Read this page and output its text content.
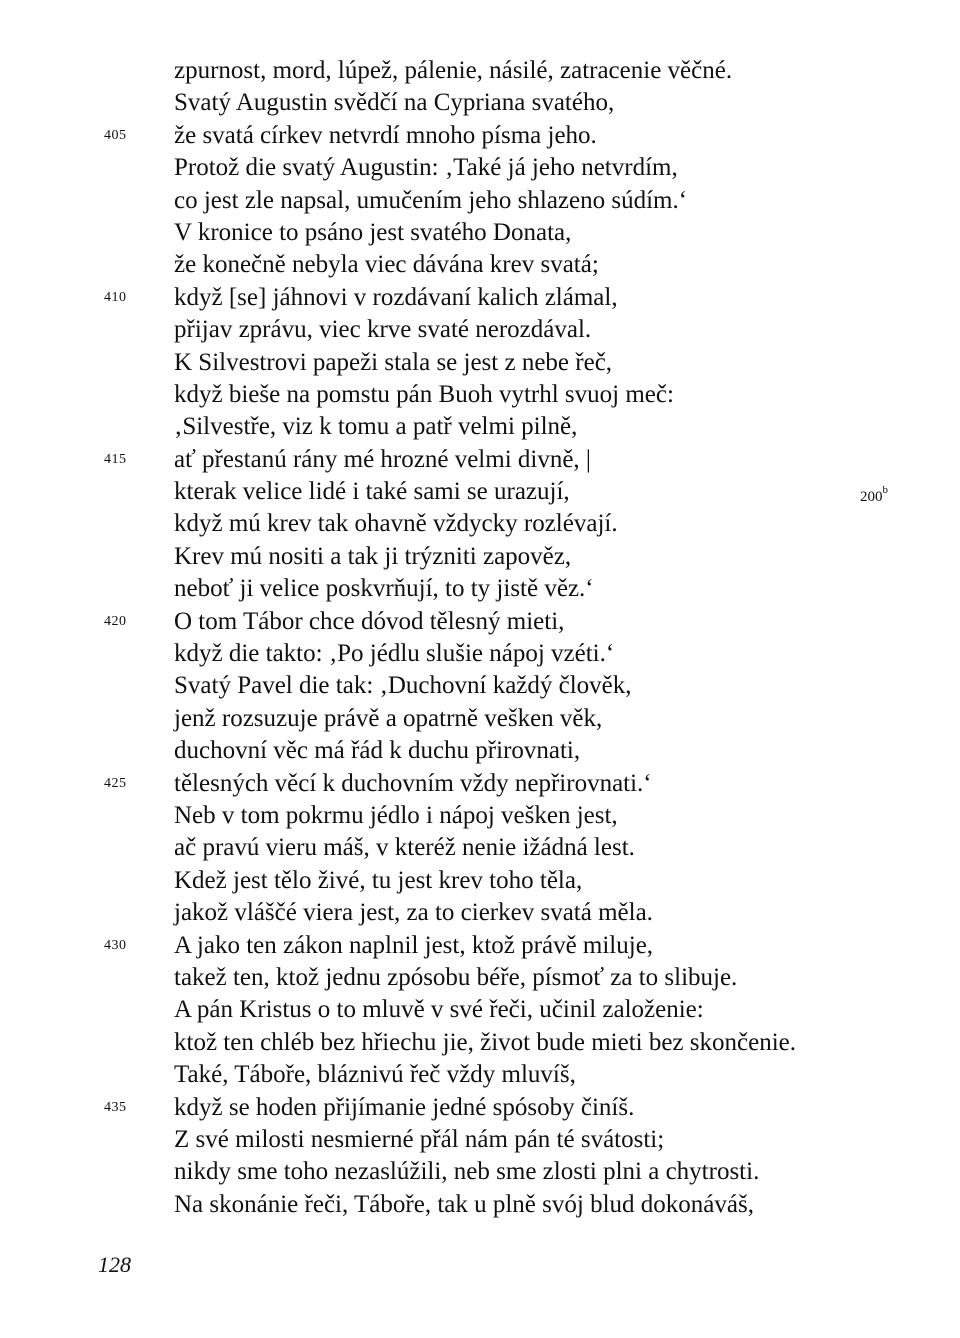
zpurnost, mord, lúpež, pálenie, násilé, zatracenie věčné.
Svatý Augustin svědčí na Cypriana svatého,
405	že svatá církev netvrdí mnoho písma jeho.
Protož die svatý Augustin: ‚Také já jeho netvrdím,
co jest zle napsal, umučením jeho shlazeno súdím.‘
V kronice to psáno jest svatého Donata,
že konečně nebyla viec dávána krev svatá;
410	když [se] jáhnovi v rozdávaní kalich zlámal,
přijav zprávu, viec krve svaté nerozdával.
K Silvestrovi papeži stala se jest z nebe řeč,
když bieše na pomstu pán Buoh vytrhl svuoj meč:
‚Silvestře, viz k tomu a patř velmi pilně,
415	ať přestanú rány mé hrozné velmi divně, |
kterak velice lidé i také sami se urazují,	200$^b$
když mú krev tak ohavně vždycky rozlévají.
Krev mú nositi a tak ji trýzniti zapověz,
neboť ji velice poskvrňují, to ty jistě věz.‘
420	O tom Tábor chce dóvod tělesný mieti,
když die takto: ‚Po jédlu slušie nápoj vzéti.‘
Svatý Pavel die tak: ‚Duchovní každý člověk,
jenž rozsuzuje právě a opatrně vešken věk,
duchovní věc má řád k duchu přirovnati,
425	tělesných věcí k duchovním vždy nepřirovnati.‘
Neb v tom pokrmu jédlo i nápoj vešken jest,
ač pravú vieru máš, v kteréž nenie ižádná lest.
Kdež jest tělo živé, tu jest krev toho těla,
jakož vláščé viera jest, za to cierkev svatá měla.
430	A jako ten zákon naplnil jest, ktož právě miluje,
takež ten, ktož jednu zpósobu béře, písmoť za to slibuje.
A pán Kristus o to mluvě v své řeči, učinil založenie:
ktož ten chléb bez hřiechu jie, život bude mieti bez skončenie.
Také, Táboře, bláznivú řeč vždy mluvíš,
435	když se hoden přijímanie jedné spósoby činíš.
Z své milosti nesmierné přál nám pán té svátosti;
nikdy sme toho nezaslúžili, neb sme zlosti plni a chytrosti.
Na skonánie řeči, Táboře, tak u plně svój blud dokonáváš,
128
